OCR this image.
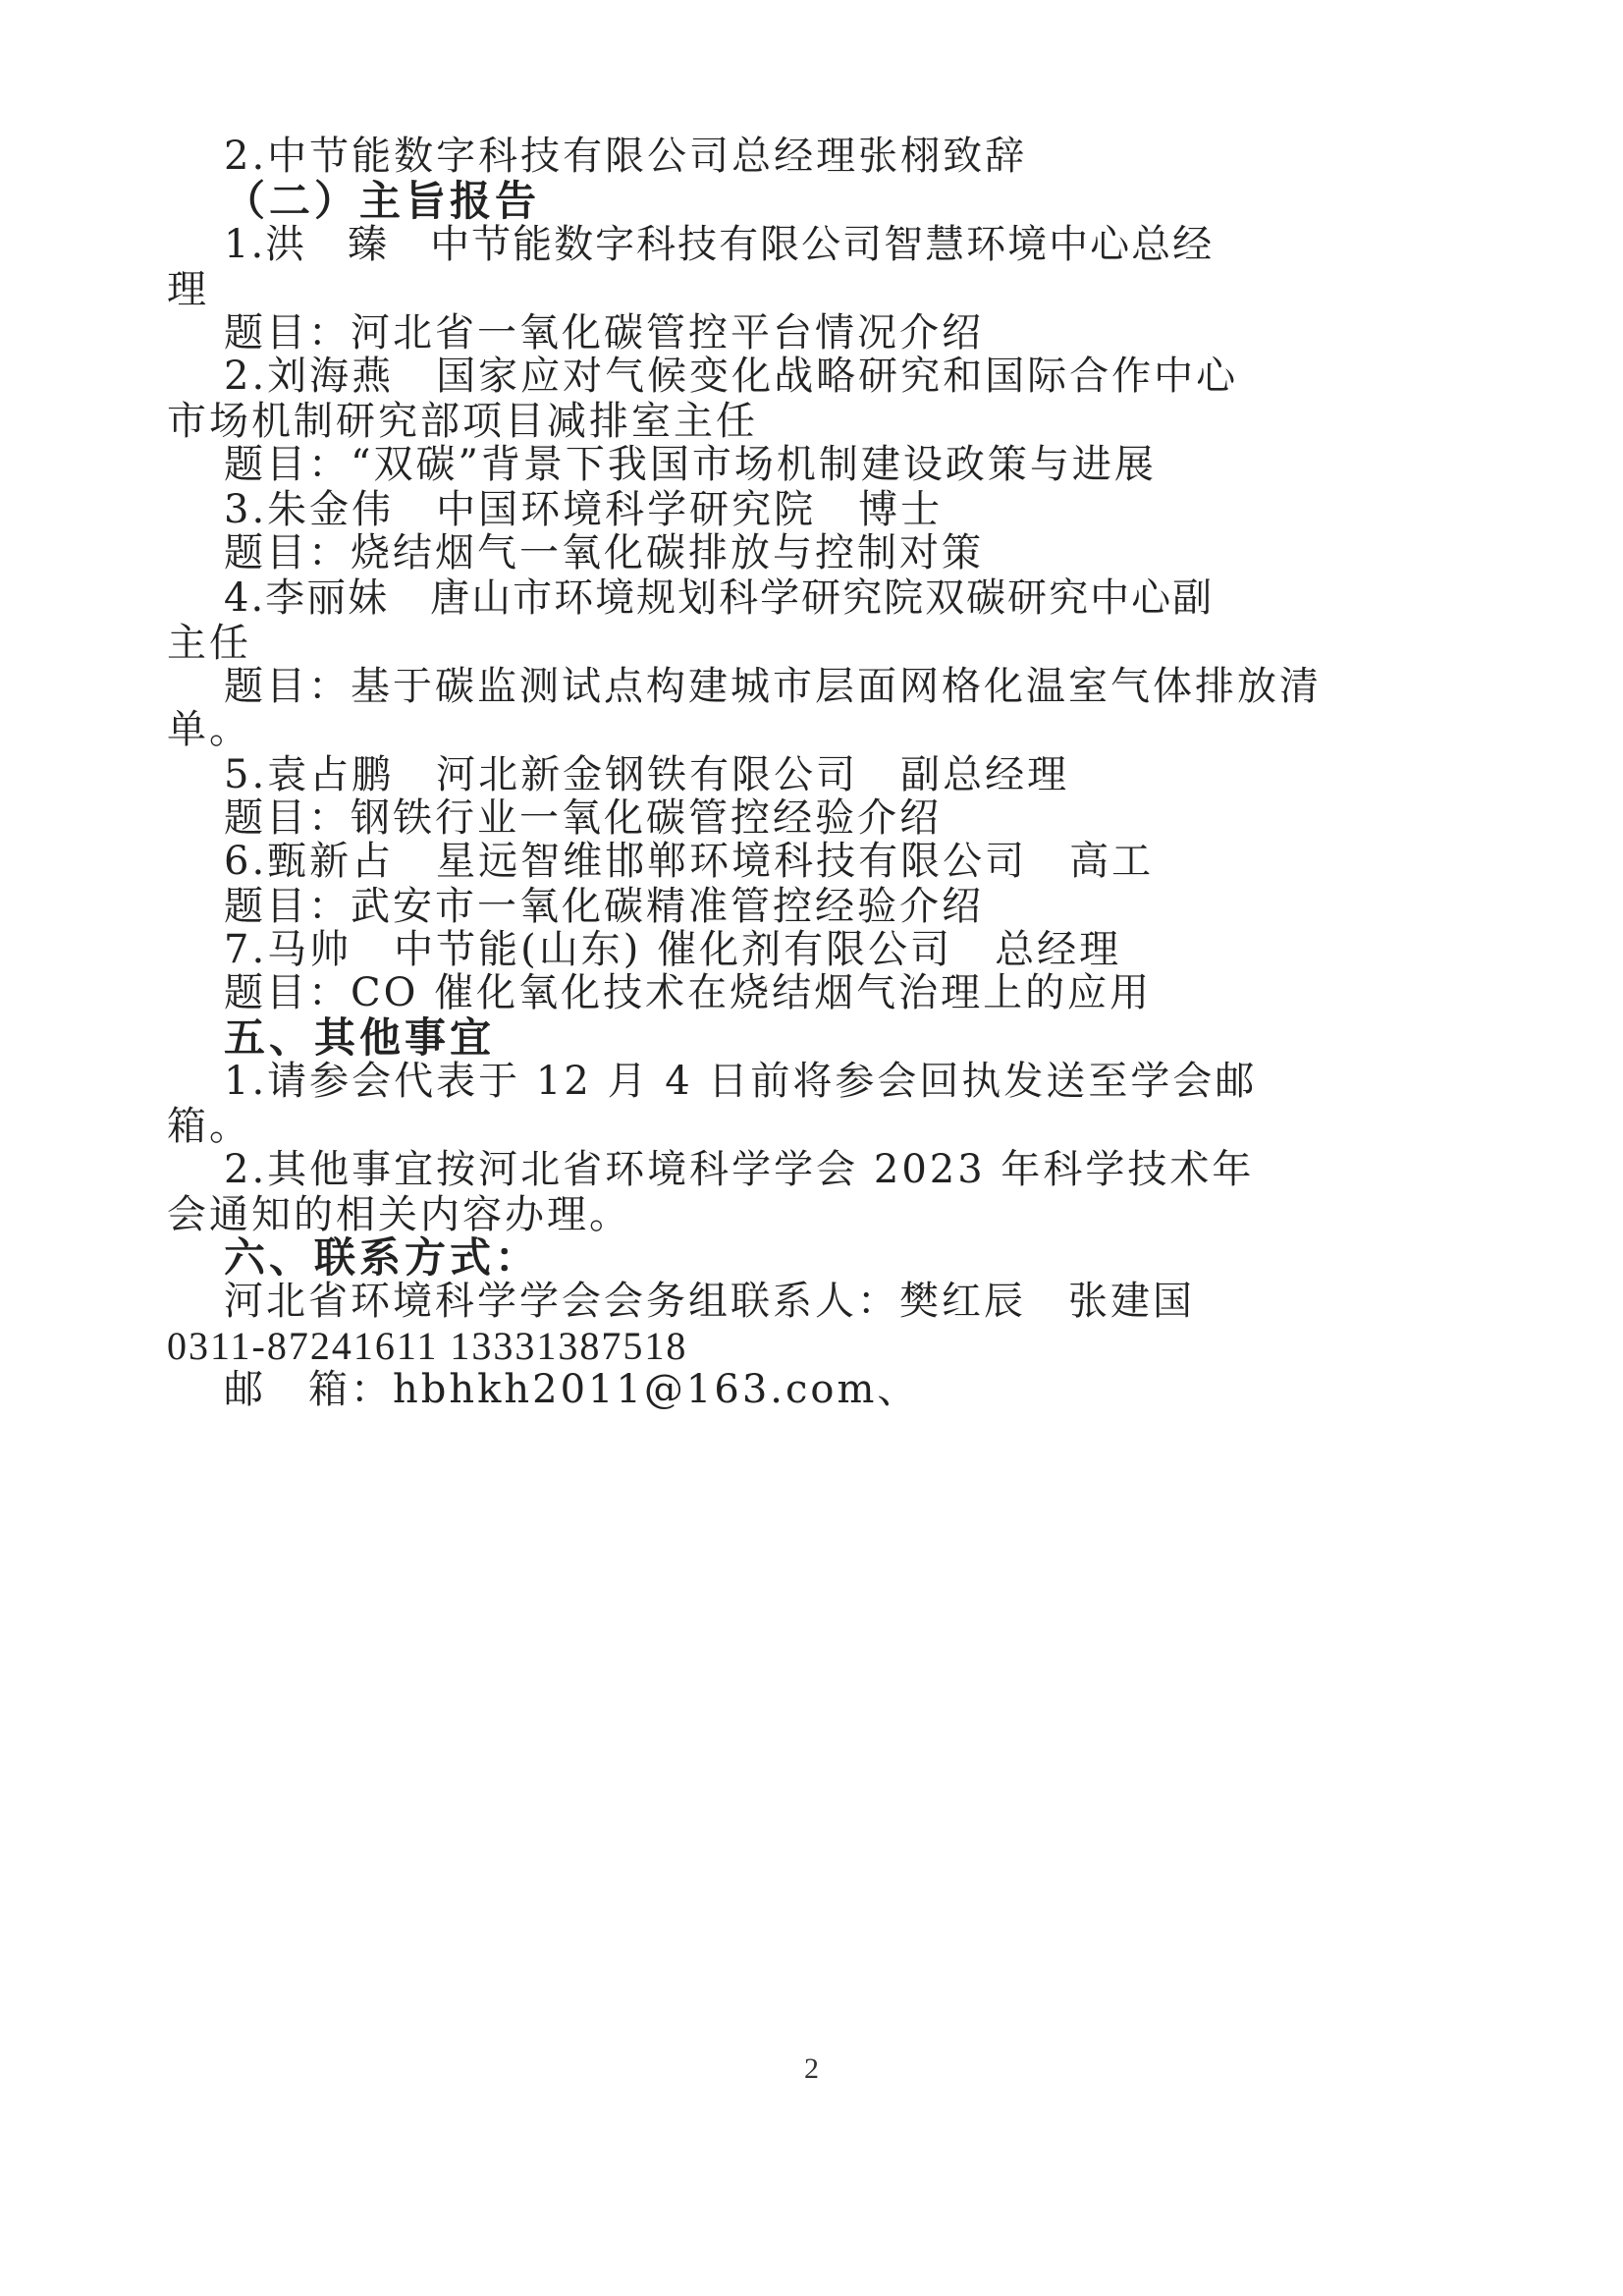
2.中节能数字科技有限公司总经理张栩致辞

（二）主旨报告

1.洪　臻　中节能数字科技有限公司智慧环境中心 总经

理

题目：河北省一氧化碳管控平台情况介绍

2.刘海燕　国家应对气候变化战略研究和国际合作中心

市场机制研究部项目减排室主任

题目：“双碳”背景下我国市场机制建设政策与进展

3.朱金伟　中国环境科学研究院　博士

题目：烧结烟气一氧化碳排放与控制对策

4.李丽妹　唐山市环境规划科学研究院双碳研究中心 副

主任

题目：基于碳监测试点构建城市层面网格化温室气体排放清

单。

5.袁占鹏　河北新金钢铁有限公司　副总经理

题目：钢铁行业一氧化碳管控经验介绍

6.甄新占　星远智维邯郸环境科技有限公司　高工

题目：武安市一氧化碳精准管控经验介绍

7.马帅　中节能(山东) 催化剂有限公司　总经理

题目：CO 催化氧化技术在烧结烟气治理上的应用

五、其他事宜

1.请参会代表于 12 月 4 日前将参会回执发送至学会邮

箱。

2.其他事宜按河北省环境科学学会 2023 年科学技术年

会通知的相关内容办理。

六、联系方式：

河北省环境科学学会会务组联系人：樊红辰　张建国

0311-87241611 13331387518

邮　箱：hbhkh2011@163.com、

2
